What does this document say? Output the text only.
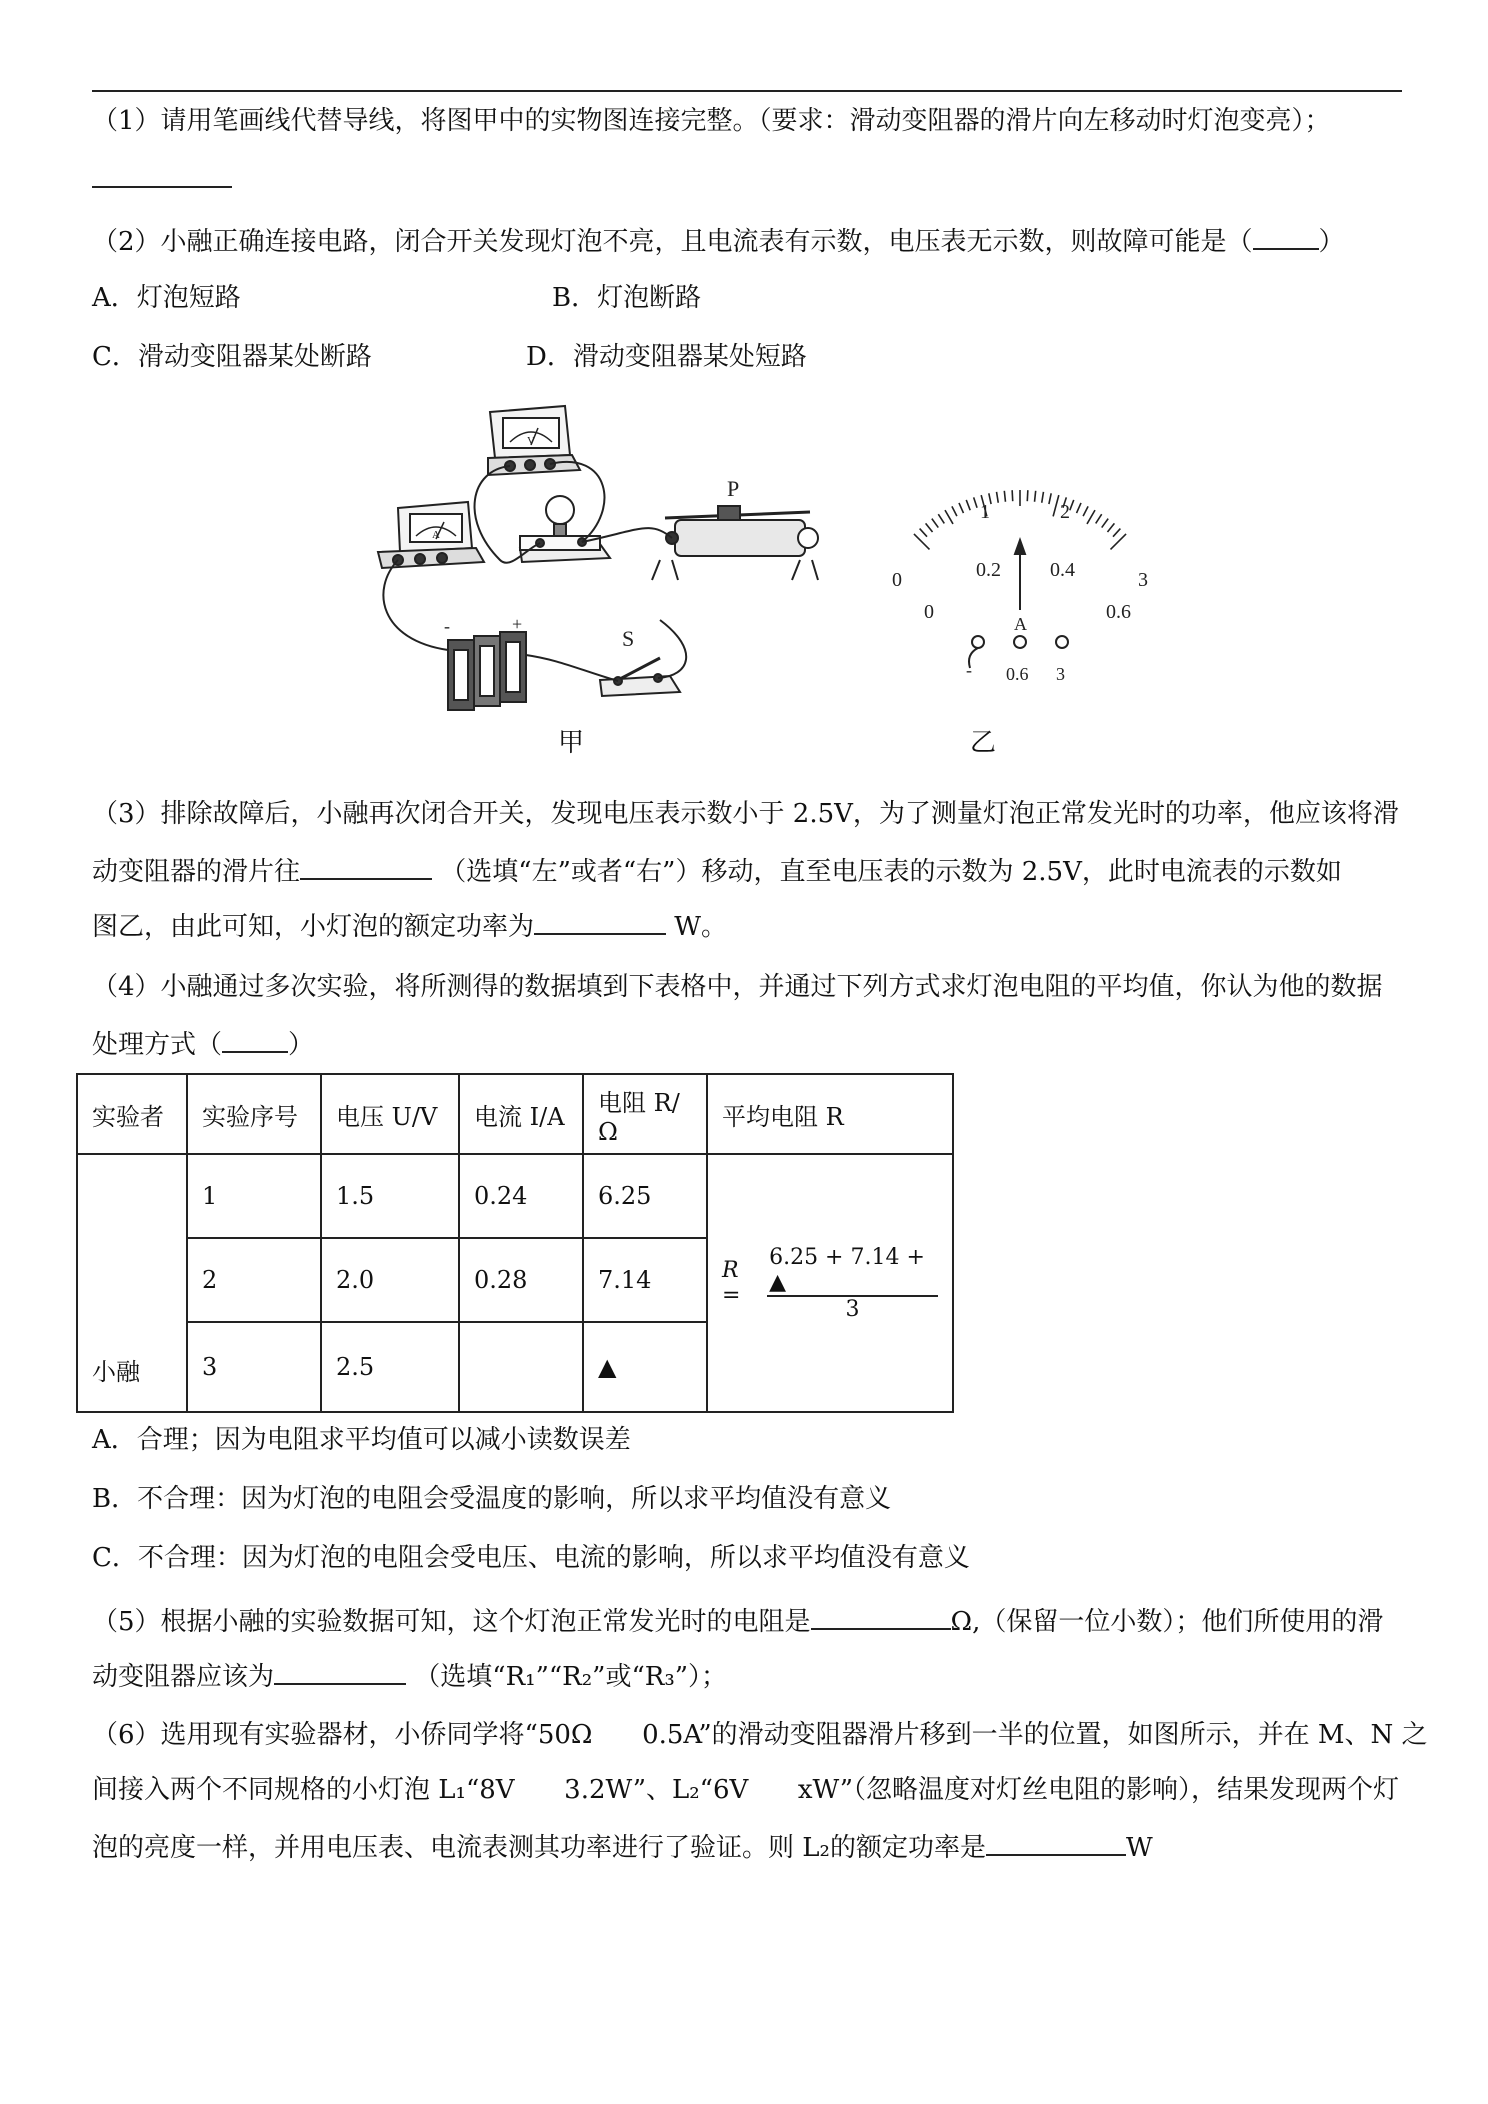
（1）请用笔画线代替导线，将图甲中的实物图连接完整。（要求：滑动变阻器的滑片向左移动时灯泡变亮）；
（2）小融正确连接电路，闭合开关发现灯泡不亮，且电流表有示数，电压表无示数，则故障可能是（	）
A．灯泡短路	B．灯泡断路
C．滑动变阻器某处断路	D．滑动变阻器某处短路
V
A
P
-	+
S
0
1	2
3
0
0.2 0.4
0.6
A
- 0.6 3
甲	乙
（3）排除故障后，小融再次闭合开关，发现电压表示数小于 2.5V，为了测量灯泡正常发光时的功率，他应该将滑
动变阻器的滑片往	（选填“左”或者“右”）移动，直至电压表的示数为 2.5V，此时电流表的示数如
图乙，由此可知，小灯泡的额定功率为	W。
（4）小融通过多次实验，将所测得的数据填到下表格中，并通过下列方式求灯泡电阻的平均值，你认为他的数据
处理方式（	）
实验者	实验序号	电压 U/V	电流 I/A	电阻 R/Ω	平均电阻 R
小融	1	1.5	0.24	6.25	$R = \frac{6.25 + 7.14 + ▲}{3}$

	2	2.0	0.28	7.14	
	3	2.5		▲	
A．合理；因为电阻求平均值可以减小读数误差
B．不合理：因为灯泡的电阻会受温度的影响，所以求平均值没有意义
C．不合理：因为灯泡的电阻会受电压、电流的影响，所以求平均值没有意义
（5）根据小融的实验数据可知，这个灯泡正常发光时的电阻是	Ω,（保留一位小数）；他们所使用的滑
动变阻器应该为	（选填“R₁”“R₂”或“R₃”）；
（6）选用现有实验器材，小侨同学将“50Ω      0.5A”的滑动变阻器滑片移到一半的位置，如图所示，并在 M、N 之
间接入两个不同规格的小灯泡 L₁“8V      3.2W”、L₂“6V      xW”（忽略温度对灯丝电阻的影响），结果发现两个灯
泡的亮度一样，并用电压表、电流表测其功率进行了验证。则 L₂的额定功率是	W
